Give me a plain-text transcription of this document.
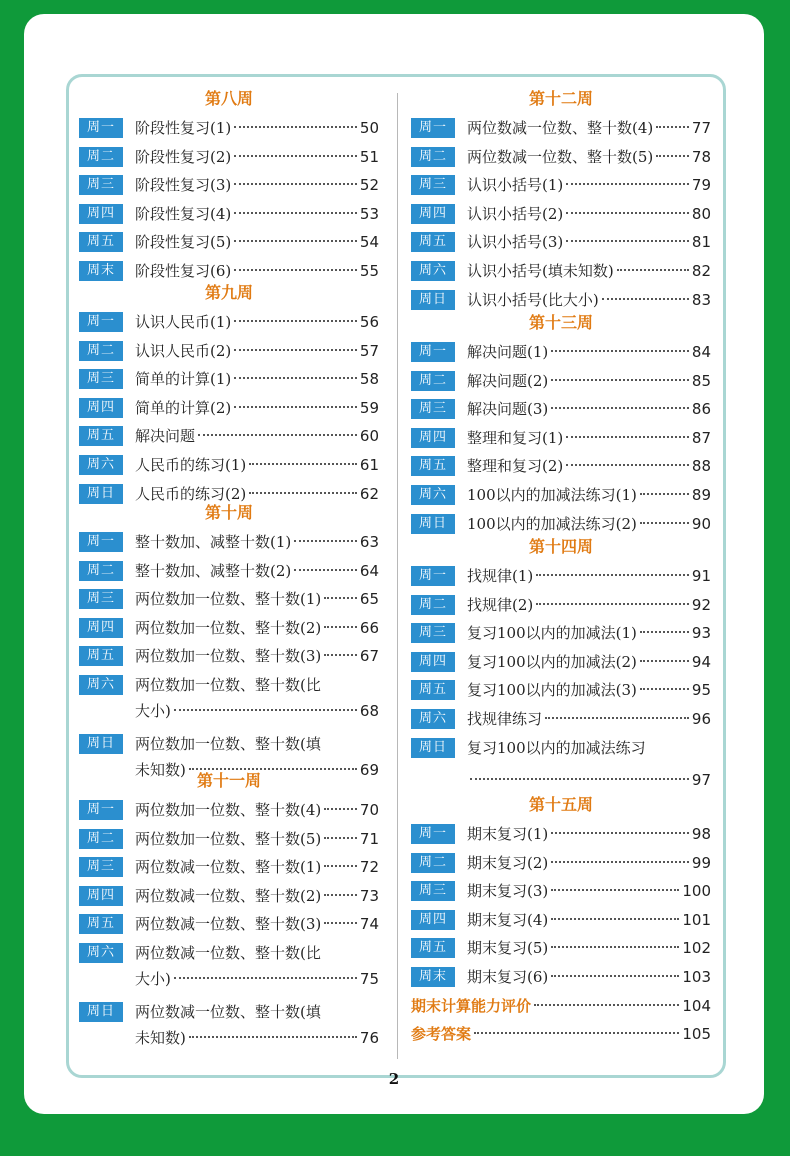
第八周
周一	阶段性复习(1)	50
周二	阶段性复习(2)	51
周三	阶段性复习(3)	52
周四	阶段性复习(4)	53
周五	阶段性复习(5)	54
周末	阶段性复习(6)	55
第九周
周一	认识人民币(1)	56
周二	认识人民币(2)	57
周三	简单的计算(1)	58
周四	简单的计算(2)	59
周五	解决问题	60
周六	人民币的练习(1)	61
周日	人民币的练习(2)	62
第十周
周一	整十数加、减整十数(1)	63
周二	整十数加、减整十数(2)	64
周三	两位数加一位数、整十数(1)	65
周四	两位数加一位数、整十数(2)	66
周五	两位数加一位数、整十数(3)	67
周六	两位数加一位数、整十数(比
大小)	68
周日	两位数加一位数、整十数(填
未知数)	69
第十一周
周一	两位数加一位数、整十数(4)	70
周二	两位数加一位数、整十数(5)	71
周三	两位数减一位数、整十数(1)	72
周四	两位数减一位数、整十数(2)	73
周五	两位数减一位数、整十数(3)	74
周六	两位数减一位数、整十数(比
大小)	75
周日	两位数减一位数、整十数(填
未知数)	76
第十二周
周一	两位数减一位数、整十数(4)	77
周二	两位数减一位数、整十数(5)	78
周三	认识小括号(1)	79
周四	认识小括号(2)	80
周五	认识小括号(3)	81
周六	认识小括号(填未知数)	82
周日	认识小括号(比大小)	83
第十三周
周一	解决问题(1)	84
周二	解决问题(2)	85
周三	解决问题(3)	86
周四	整理和复习(1)	87
周五	整理和复习(2)	88
周六	100以内的加减法练习(1)	89
周日	100以内的加减法练习(2)	90
第十四周
周一	找规律(1)	91
周二	找规律(2)	92
周三	复习100以内的加减法(1)	93
周四	复习100以内的加减法(2)	94
周五	复习100以内的加减法(3)	95
周六	找规律练习	96
周日	复习100以内的加减法练习
97
第十五周
周一	期末复习(1)	98
周二	期末复习(2)	99
周三	期末复习(3)	100
周四	期末复习(4)	101
周五	期末复习(5)	102
周末	期末复习(6)	103
期末计算能力评价	104
参考答案	105
2
